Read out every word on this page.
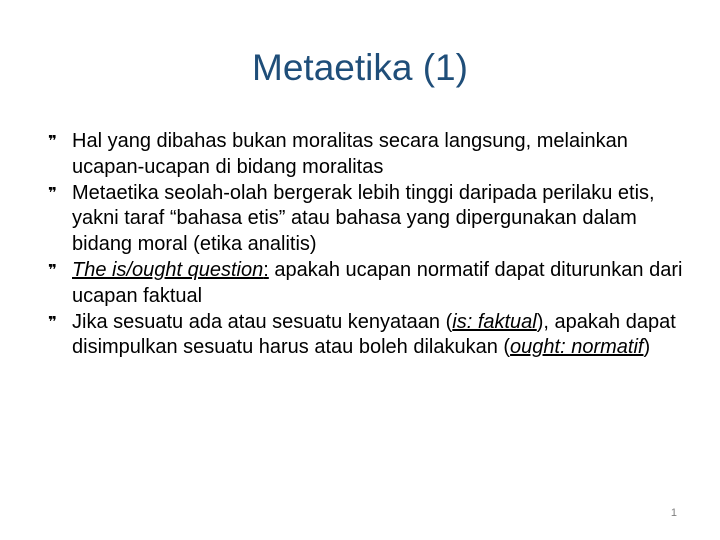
Metaetika (1)
❞ Hal yang dibahas bukan moralitas secara langsung, melainkan ucapan-ucapan di bidang moralitas
❞ Metaetika seolah-olah bergerak lebih tinggi daripada perilaku etis, yakni taraf “bahasa etis” atau bahasa yang dipergunakan dalam bidang moral (etika analitis)
❞ The is/ought question: apakah ucapan normatif dapat diturunkan dari ucapan faktual
❞ Jika sesuatu ada atau sesuatu kenyataan (is: faktual), apakah dapat disimpulkan sesuatu harus atau boleh dilakukan (ought: normatif)
1
